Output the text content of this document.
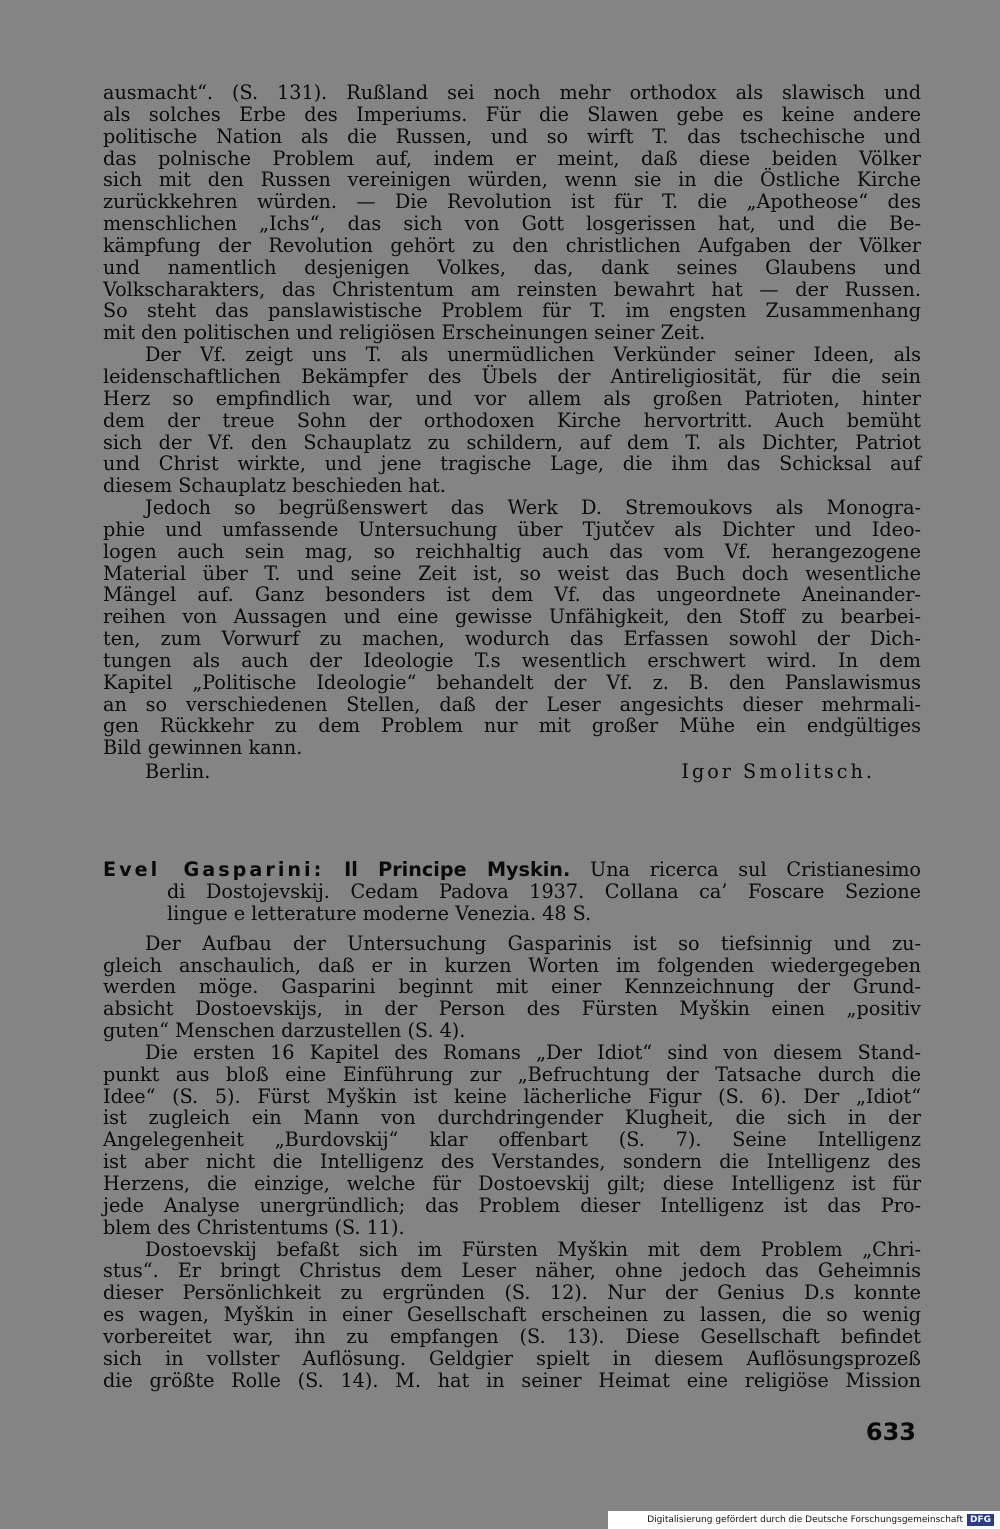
ausmacht“. (S. 131). Rußland sei noch mehr orthodox als slawisch und
als solches Erbe des Imperiums. Für die Slawen gebe es keine andere
politische Nation als die Russen, und so wirft T. das tschechische und
das polnische Problem auf, indem er meint, daß diese beiden Völker
sich mit den Russen vereinigen würden, wenn sie in die Östliche Kirche
zurückkehren würden. — Die Revolution ist für T. die „Apotheose“ des
menschlichen „Ichs“, das sich von Gott losgerissen hat, und die Be-
kämpfung der Revolution gehört zu den christlichen Aufgaben der Völker
und namentlich desjenigen Volkes, das, dank seines Glaubens und
Volkscharakters, das Christentum am reinsten bewahrt hat — der Russen.
So steht das panslawistische Problem für T. im engsten Zusammenhang
mit den politischen und religiösen Erscheinungen seiner Zeit.
Der Vf. zeigt uns T. als unermüdlichen Verkünder seiner Ideen, als
leidenschaftlichen Bekämpfer des Übels der Antireligiosität, für die sein
Herz so empfindlich war, und vor allem als großen Patrioten, hinter
dem der treue Sohn der orthodoxen Kirche hervortritt. Auch bemüht
sich der Vf. den Schauplatz zu schildern, auf dem T. als Dichter, Patriot
und Christ wirkte, und jene tragische Lage, die ihm das Schicksal auf
diesem Schauplatz beschieden hat.
Jedoch so begrüßenswert das Werk D. Stremoukovs als Monogra-
phie und umfassende Untersuchung über Tjutčev als Dichter und Ideo-
logen auch sein mag, so reichhaltig auch das vom Vf. herangezogene
Material über T. und seine Zeit ist, so weist das Buch doch wesentliche
Mängel auf. Ganz besonders ist dem Vf. das ungeordnete Aneinander-
reihen von Aussagen und eine gewisse Unfähigkeit, den Stoff zu bearbei-
ten, zum Vorwurf zu machen, wodurch das Erfassen sowohl der Dich-
tungen als auch der Ideologie T.s wesentlich erschwert wird. In dem
Kapitel „Politische Ideologie“ behandelt der Vf. z. B. den Panslawismus
an so verschiedenen Stellen, daß der Leser angesichts dieser mehrmali-
gen Rückkehr zu dem Problem nur mit großer Mühe ein endgültiges
Bild gewinnen kann.
Berlin.	Igor Smolitsch.
Evel Gasparini: Il Principe Myskin. Una ricerca sul Cristianesimo
di Dostojevskij. Cedam Padova 1937. Collana ca’ Foscare Sezione
lingue e letterature moderne Venezia. 48 S.
Der Aufbau der Untersuchung Gasparinis ist so tiefsinnig und zu-
gleich anschaulich, daß er in kurzen Worten im folgenden wiedergegeben
werden möge. Gasparini beginnt mit einer Kennzeichnung der Grund-
absicht Dostoevskijs, in der Person des Fürsten Myškin einen „positiv
guten“ Menschen darzustellen (S. 4).
Die ersten 16 Kapitel des Romans „Der Idiot“ sind von diesem Stand-
punkt aus bloß eine Einführung zur „Befruchtung der Tatsache durch die
Idee“ (S. 5). Fürst Myškin ist keine lächerliche Figur (S. 6). Der „Idiot“
ist zugleich ein Mann von durchdringender Klugheit, die sich in der
Angelegenheit „Burdovskij“ klar offenbart (S. 7). Seine Intelligenz
ist aber nicht die Intelligenz des Verstandes, sondern die Intelligenz des
Herzens, die einzige, welche für Dostoevskij gilt; diese Intelligenz ist für
jede Analyse unergründlich; das Problem dieser Intelligenz ist das Pro-
blem des Christentums (S. 11).
Dostoevskij befaßt sich im Fürsten Myškin mit dem Problem „Chri-
stus“. Er bringt Christus dem Leser näher, ohne jedoch das Geheimnis
dieser Persönlichkeit zu ergründen (S. 12). Nur der Genius D.s konnte
es wagen, Myškin in einer Gesellschaft erscheinen zu lassen, die so wenig
vorbereitet war, ihn zu empfangen (S. 13). Diese Gesellschaft befindet
sich in vollster Auflösung. Geldgier spielt in diesem Auflösungsprozeß
die größte Rolle (S. 14). M. hat in seiner Heimat eine religiöse Mission
633
Digitalisierung gefördert durch die Deutsche Forschungsgemeinschaft DFG
